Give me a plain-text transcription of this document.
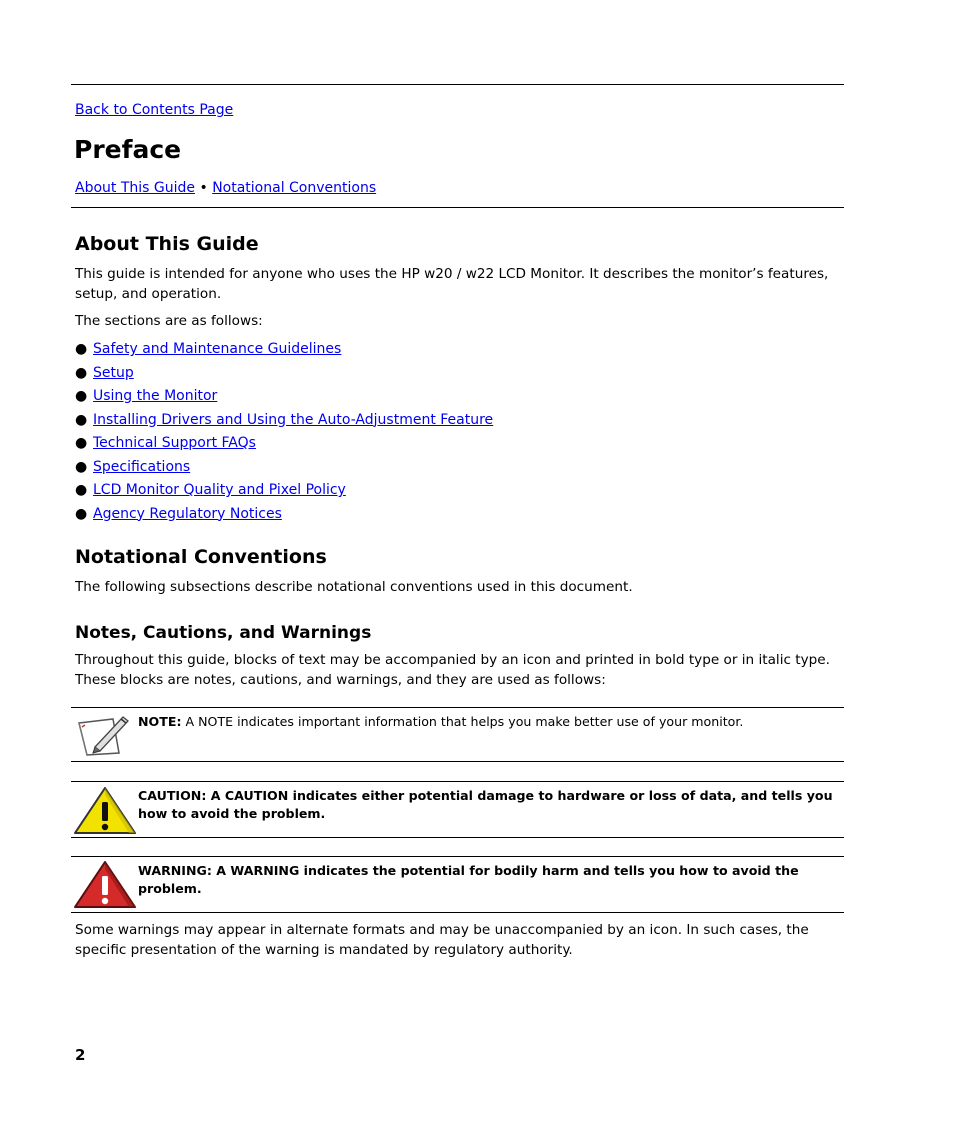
Back to Contents Page
Preface
About This Guide • Notational Conventions
About This Guide

This guide is intended for anyone who uses the HP w20 / w22 LCD Monitor. It describes the monitor’s features, setup, and operation.

The sections are as follows:

● Safety and Maintenance Guidelines
● Setup
● Using the Monitor
● Installing Drivers and Using the Auto-Adjustment Feature
● Technical Support FAQs
● Specifications
● LCD Monitor Quality and Pixel Policy
● Agency Regulatory Notices
Notational Conventions

The following subsections describe notational conventions used in this document.

Notes, Cautions, and Warnings

Throughout this guide, blocks of text may be accompanied by an icon and printed in bold type or in italic type. These blocks are notes, cautions, and warnings, and they are used as follows:

NOTE: A NOTE indicates important information that helps you make better use of your monitor.
CAUTION: A CAUTION indicates either potential damage to hardware or loss of data, and tells you how to avoid the problem.
WARNING: A WARNING indicates the potential for bodily harm and tells you how to avoid the problem.

Some warnings may appear in alternate formats and may be unaccompanied by an icon. In such cases, the specific presentation of the warning is mandated by regulatory authority.

2
